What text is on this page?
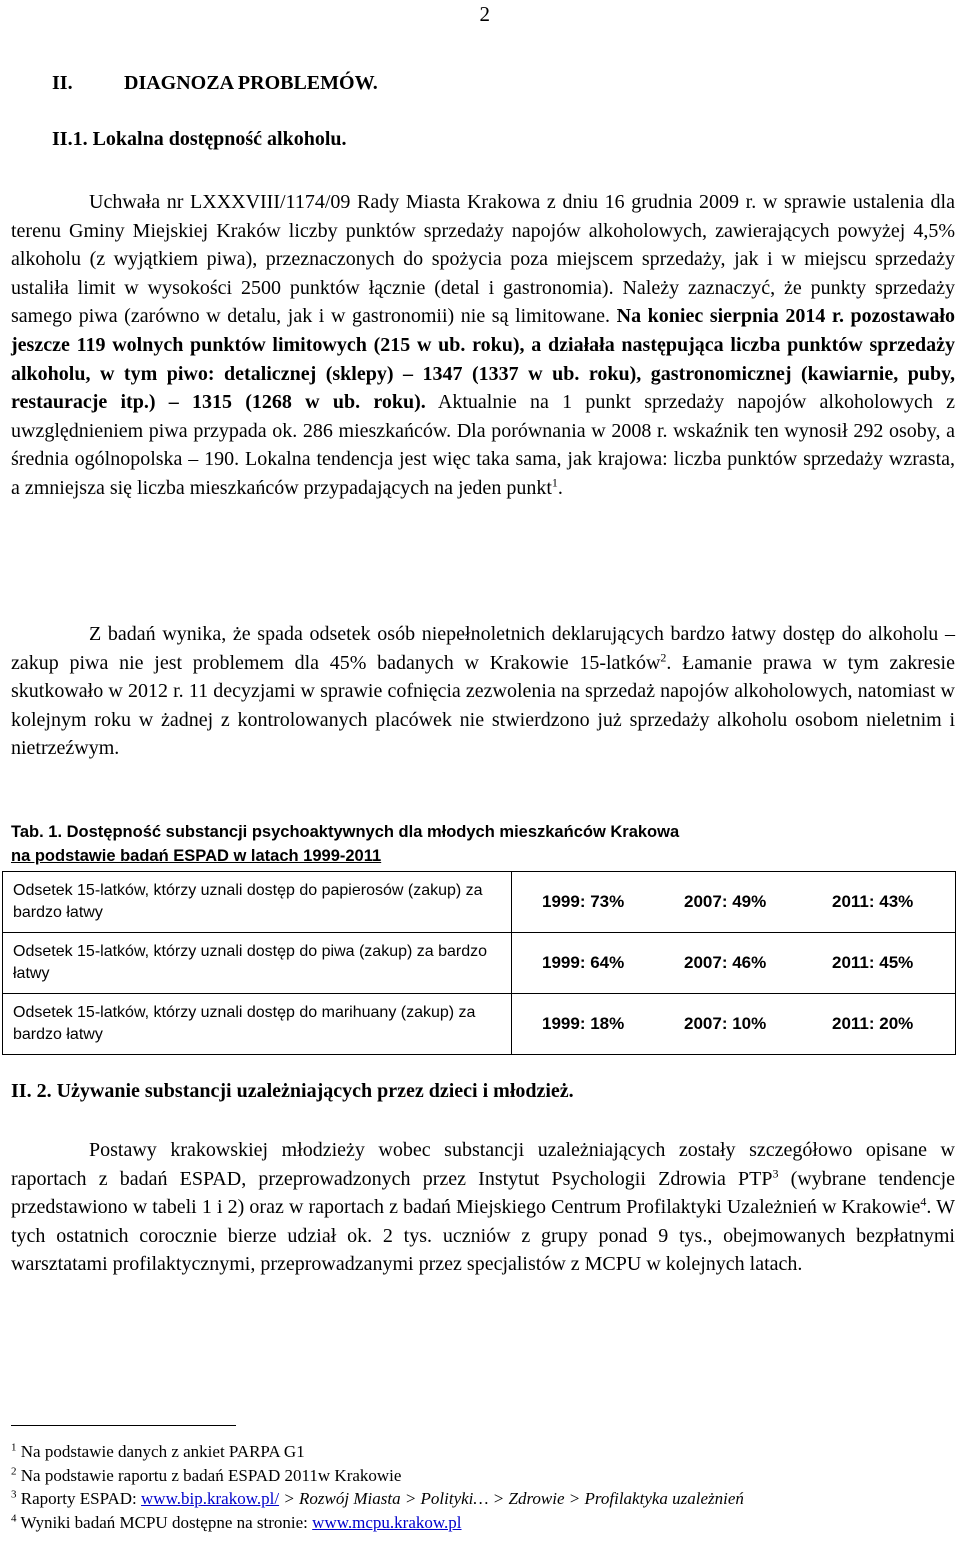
2
II.	DIAGNOZA PROBLEMÓW.
II.1. Lokalna dostępność alkoholu.

Uchwała nr LXXXVIII/1174/09 Rady Miasta Krakowa z dniu 16 grudnia 2009 r. w sprawie ustalenia dla terenu Gminy Miejskiej Kraków liczby punktów sprzedaży napojów alkoholowych, zawierających powyżej 4,5% alkoholu (z wyjątkiem piwa), przeznaczonych do spożycia poza miejscem sprzedaży, jak i w miejscu sprzedaży ustaliła limit w wysokości 2500 punktów łącznie (detal i gastronomia). Należy zaznaczyć, że punkty sprzedaży samego piwa (zarówno w detalu, jak i w gastronomii) nie są limitowane. Na koniec sierpnia 2014 r. pozostawało jeszcze 119 wolnych punktów limitowych (215 w ub. roku), a działała następująca liczba punktów sprzedaży alkoholu, w tym piwo: detalicznej (sklepy) – 1347 (1337 w ub. roku), gastronomicznej (kawiarnie, puby, restauracje itp.) – 1315 (1268 w ub. roku). Aktualnie na 1 punkt sprzedaży napojów alkoholowych z uwzględnieniem piwa przypada ok. 286 mieszkańców. Dla porównania w 2008 r. wskaźnik ten wynosił 292 osoby, a średnia ogólnopolska – 190. Lokalna tendencja jest więc taka sama, jak krajowa: liczba punktów sprzedaży wzrasta, a zmniejsza się liczba mieszkańców przypadających na jeden punkt$^1$.

Z badań wynika, że spada odsetek osób niepełnoletnich deklarujących bardzo łatwy dostęp do alkoholu – zakup piwa nie jest problemem dla 45% badanych w Krakowie 15-latków$^2$. Łamanie prawa w tym zakresie skutkowało w 2012 r. 11 decyzjami w sprawie cofnięcia zezwolenia na sprzedaż napojów alkoholowych, natomiast w kolejnym roku w żadnej z kontrolowanych placówek nie stwierdzono już sprzedaży alkoholu osobom nieletnim i nietrzeźwym.

Tab. 1. Dostępność substancji psychoaktywnych dla młodych mieszkańców Krakowa
na podstawie badań ESPAD w latach 1999-2011
Odsetek 15-latków, którzy uznali dostęp do papierosów (zakup) za bardzo łatwy	1999: 73% 2007: 49% 2011: 43%
Odsetek 15-latków, którzy uznali dostęp do piwa (zakup) za bardzo łatwy	1999: 64% 2007: 46% 2011: 45%
Odsetek 15-latków, którzy uznali dostęp do marihuany (zakup) za bardzo łatwy	1999: 18% 2007: 10% 2011: 20%
II. 2. Używanie substancji uzależniających przez dzieci i młodzież.

Postawy krakowskiej młodzieży wobec substancji uzależniających zostały szczegółowo opisane w raportach z badań ESPAD, przeprowadzonych przez Instytut Psychologii Zdrowia PTP$^3$ (wybrane tendencje przedstawiono w tabeli 1 i 2) oraz w raportach z badań Miejskiego Centrum Profilaktyki Uzależnień w Krakowie$^4$. W tych ostatnich corocznie bierze udział ok. 2 tys. uczniów z grupy ponad 9 tys., obejmowanych bezpłatnymi warsztatami profilaktycznymi, przeprowadzanymi przez specjalistów z MCPU w kolejnych latach.

$^1$ Na podstawie danych z ankiet PARPA G1
$^2$ Na podstawie raportu z badań ESPAD 2011w Krakowie
$^3$ Raporty ESPAD: www.bip.krakow.pl/ > Rozwój Miasta > Polityki… > Zdrowie > Profilaktyka uzależnień
$^4$ Wyniki badań MCPU dostępne na stronie: www.mcpu.krakow.pl
